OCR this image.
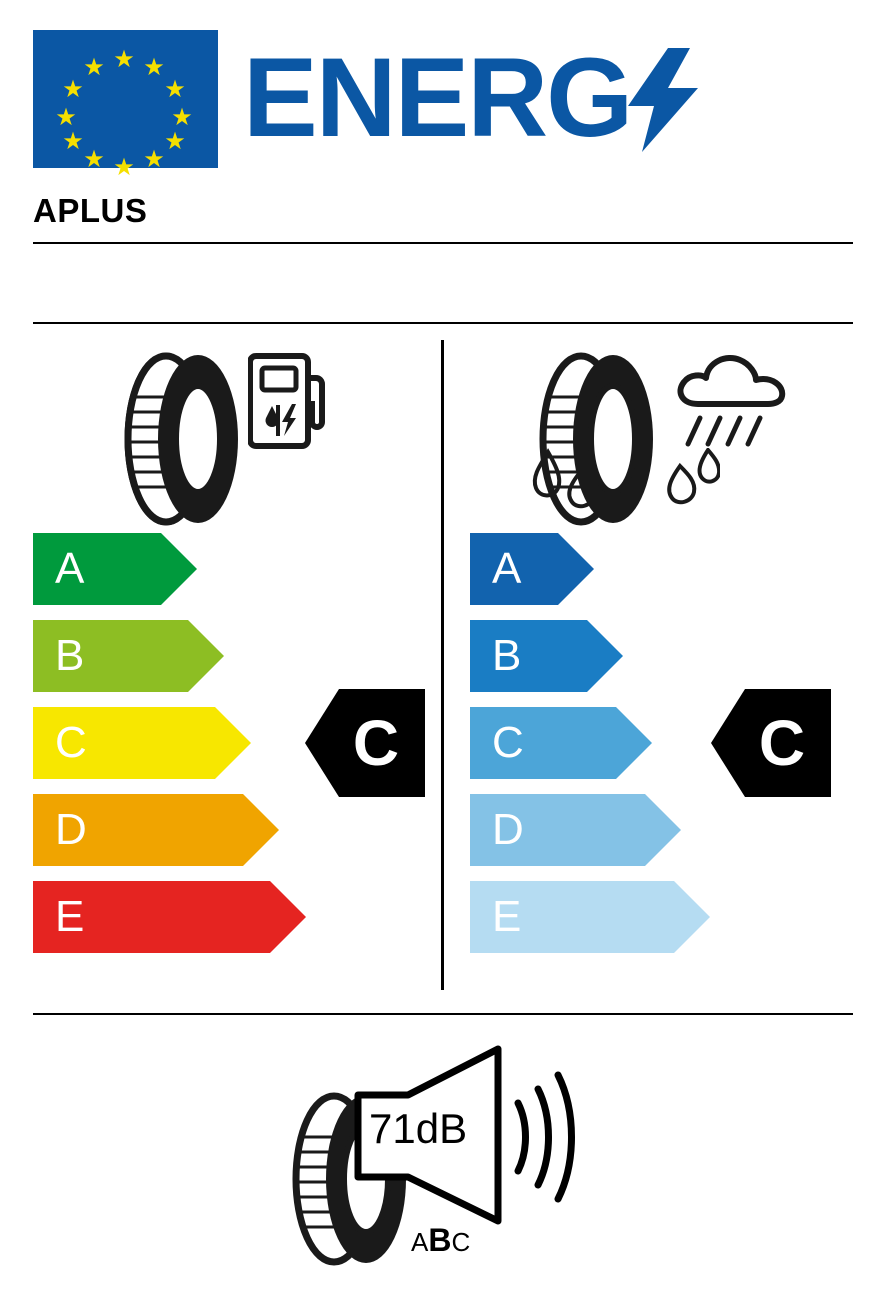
★
★ ★
★	★
★	★
★	★
★ ★
★
ENERG
APLUS
A
B
C
D
E
C
A
B
C
D
E
C
71dB
ABC
